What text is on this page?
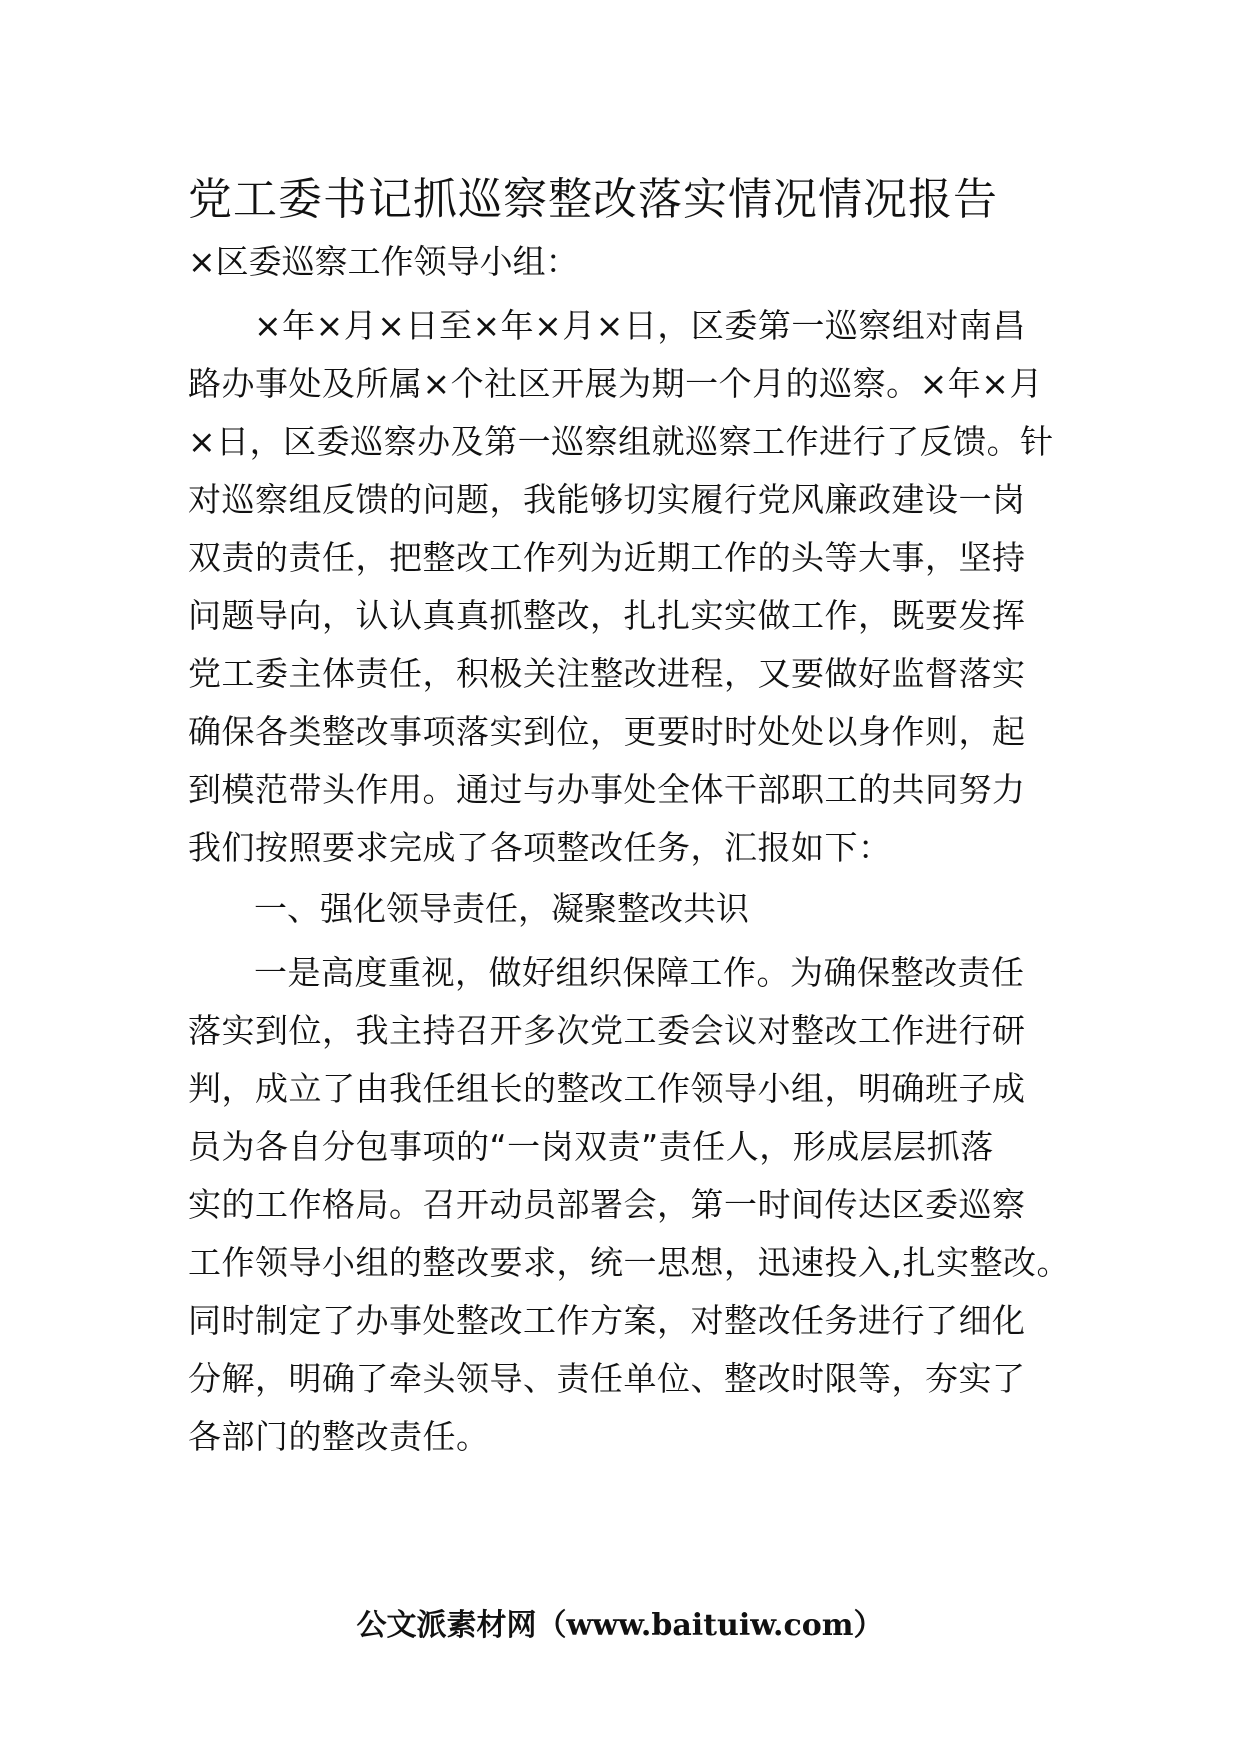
党工委书记抓巡察整改落实情况情况报告
×区委巡察工作领导小组：
×年×月×日至×年×月×日，区委第一巡察组对南昌
路办事处及所属×个社区开展为期一个月的巡察。×年×月
×日，区委巡察办及第一巡察组就巡察工作进行了反馈。针
对巡察组反馈的问题，我能够切实履行党风廉政建设一岗
双责的责任，把整改工作列为近期工作的头等大事，坚持
问题导向，认认真真抓整改，扎扎实实做工作，既要发挥
党工委主体责任，积极关注整改进程，又要做好监督落实
确保各类整改事项落实到位，更要时时处处以身作则，起
到模范带头作用。通过与办事处全体干部职工的共同努力
我们按照要求完成了各项整改任务，汇报如下：
一、强化领导责任，凝聚整改共识
一是高度重视，做好组织保障工作。为确保整改责任
落实到位，我主持召开多次党工委会议对整改工作进行研
判，成立了由我任组长的整改工作领导小组，明确班子成
员为各自分包事项的“一岗双责”责任人，形成层层抓落
实的工作格局。召开动员部署会，第一时间传达区委巡察
工作领导小组的整改要求，统一思想，迅速投入,扎实整改。
同时制定了办事处整改工作方案，对整改任务进行了细化
分解，明确了牵头领导、责任单位、整改时限等，夯实了
各部门的整改责任。
公文派素材网（www.baituiw.com）
